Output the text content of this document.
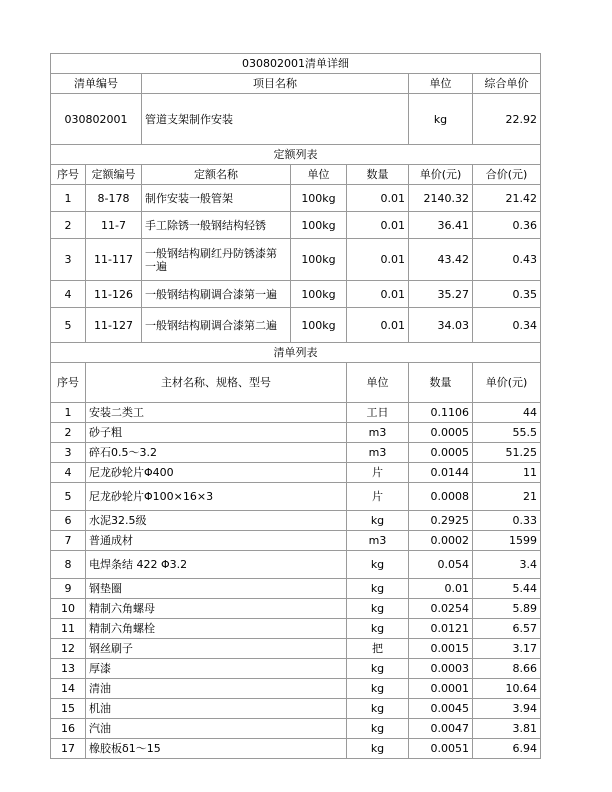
030802001清单详细							
清单编号		项目名称			单位	综合单价	
030802001		管道支架制作安装			kg	22.92	
定额列表							
序号	定额编号	定额名称	单位	数量	单价(元)	合价(元)	
1	8-178	制作安装一般管架	100kg	0.01	2140.32	21.42	
2	11-7	手工除锈一般钢结构轻锈	100kg	0.01	36.41	0.36	
3	11-117	一般钢结构刷红丹防锈漆第一遍	100kg	0.01	43.42	0.43	
4	11-126	一般钢结构刷调合漆第一遍	100kg	0.01	35.27	0.35	
5	11-127	一般钢结构刷调合漆第二遍	100kg	0.01	34.03	0.34	
清单列表							
序号	主材名称、规格、型号			单位	数量	单价(元)	
1	安装二类工			工日	0.1106	44	
2	砂子粗			m3	0.0005	55.5	
3	碎石0.5～3.2			m3	0.0005	51.25	
4	尼龙砂轮片Φ400			片	0.0144	11	
5	尼龙砂轮片Φ100×16×3			片	0.0008	21	
6	水泥32.5级			kg	0.2925	0.33	
7	普通成材			m3	0.0002	1599	
8	电焊条结 422 Φ3.2			kg	0.054	3.4	
9	钢垫圈			kg	0.01	5.44	
10	精制六角螺母			kg	0.0254	5.89	
11	精制六角螺栓			kg	0.0121	6.57	
12	钢丝刷子			把	0.0015	3.17	
13	厚漆			kg	0.0003	8.66	
14	清油			kg	0.0001	10.64	
15	机油			kg	0.0045	3.94	
16	汽油			kg	0.0047	3.81	
17	橡胶板δ1～15			kg	0.0051	6.94	
